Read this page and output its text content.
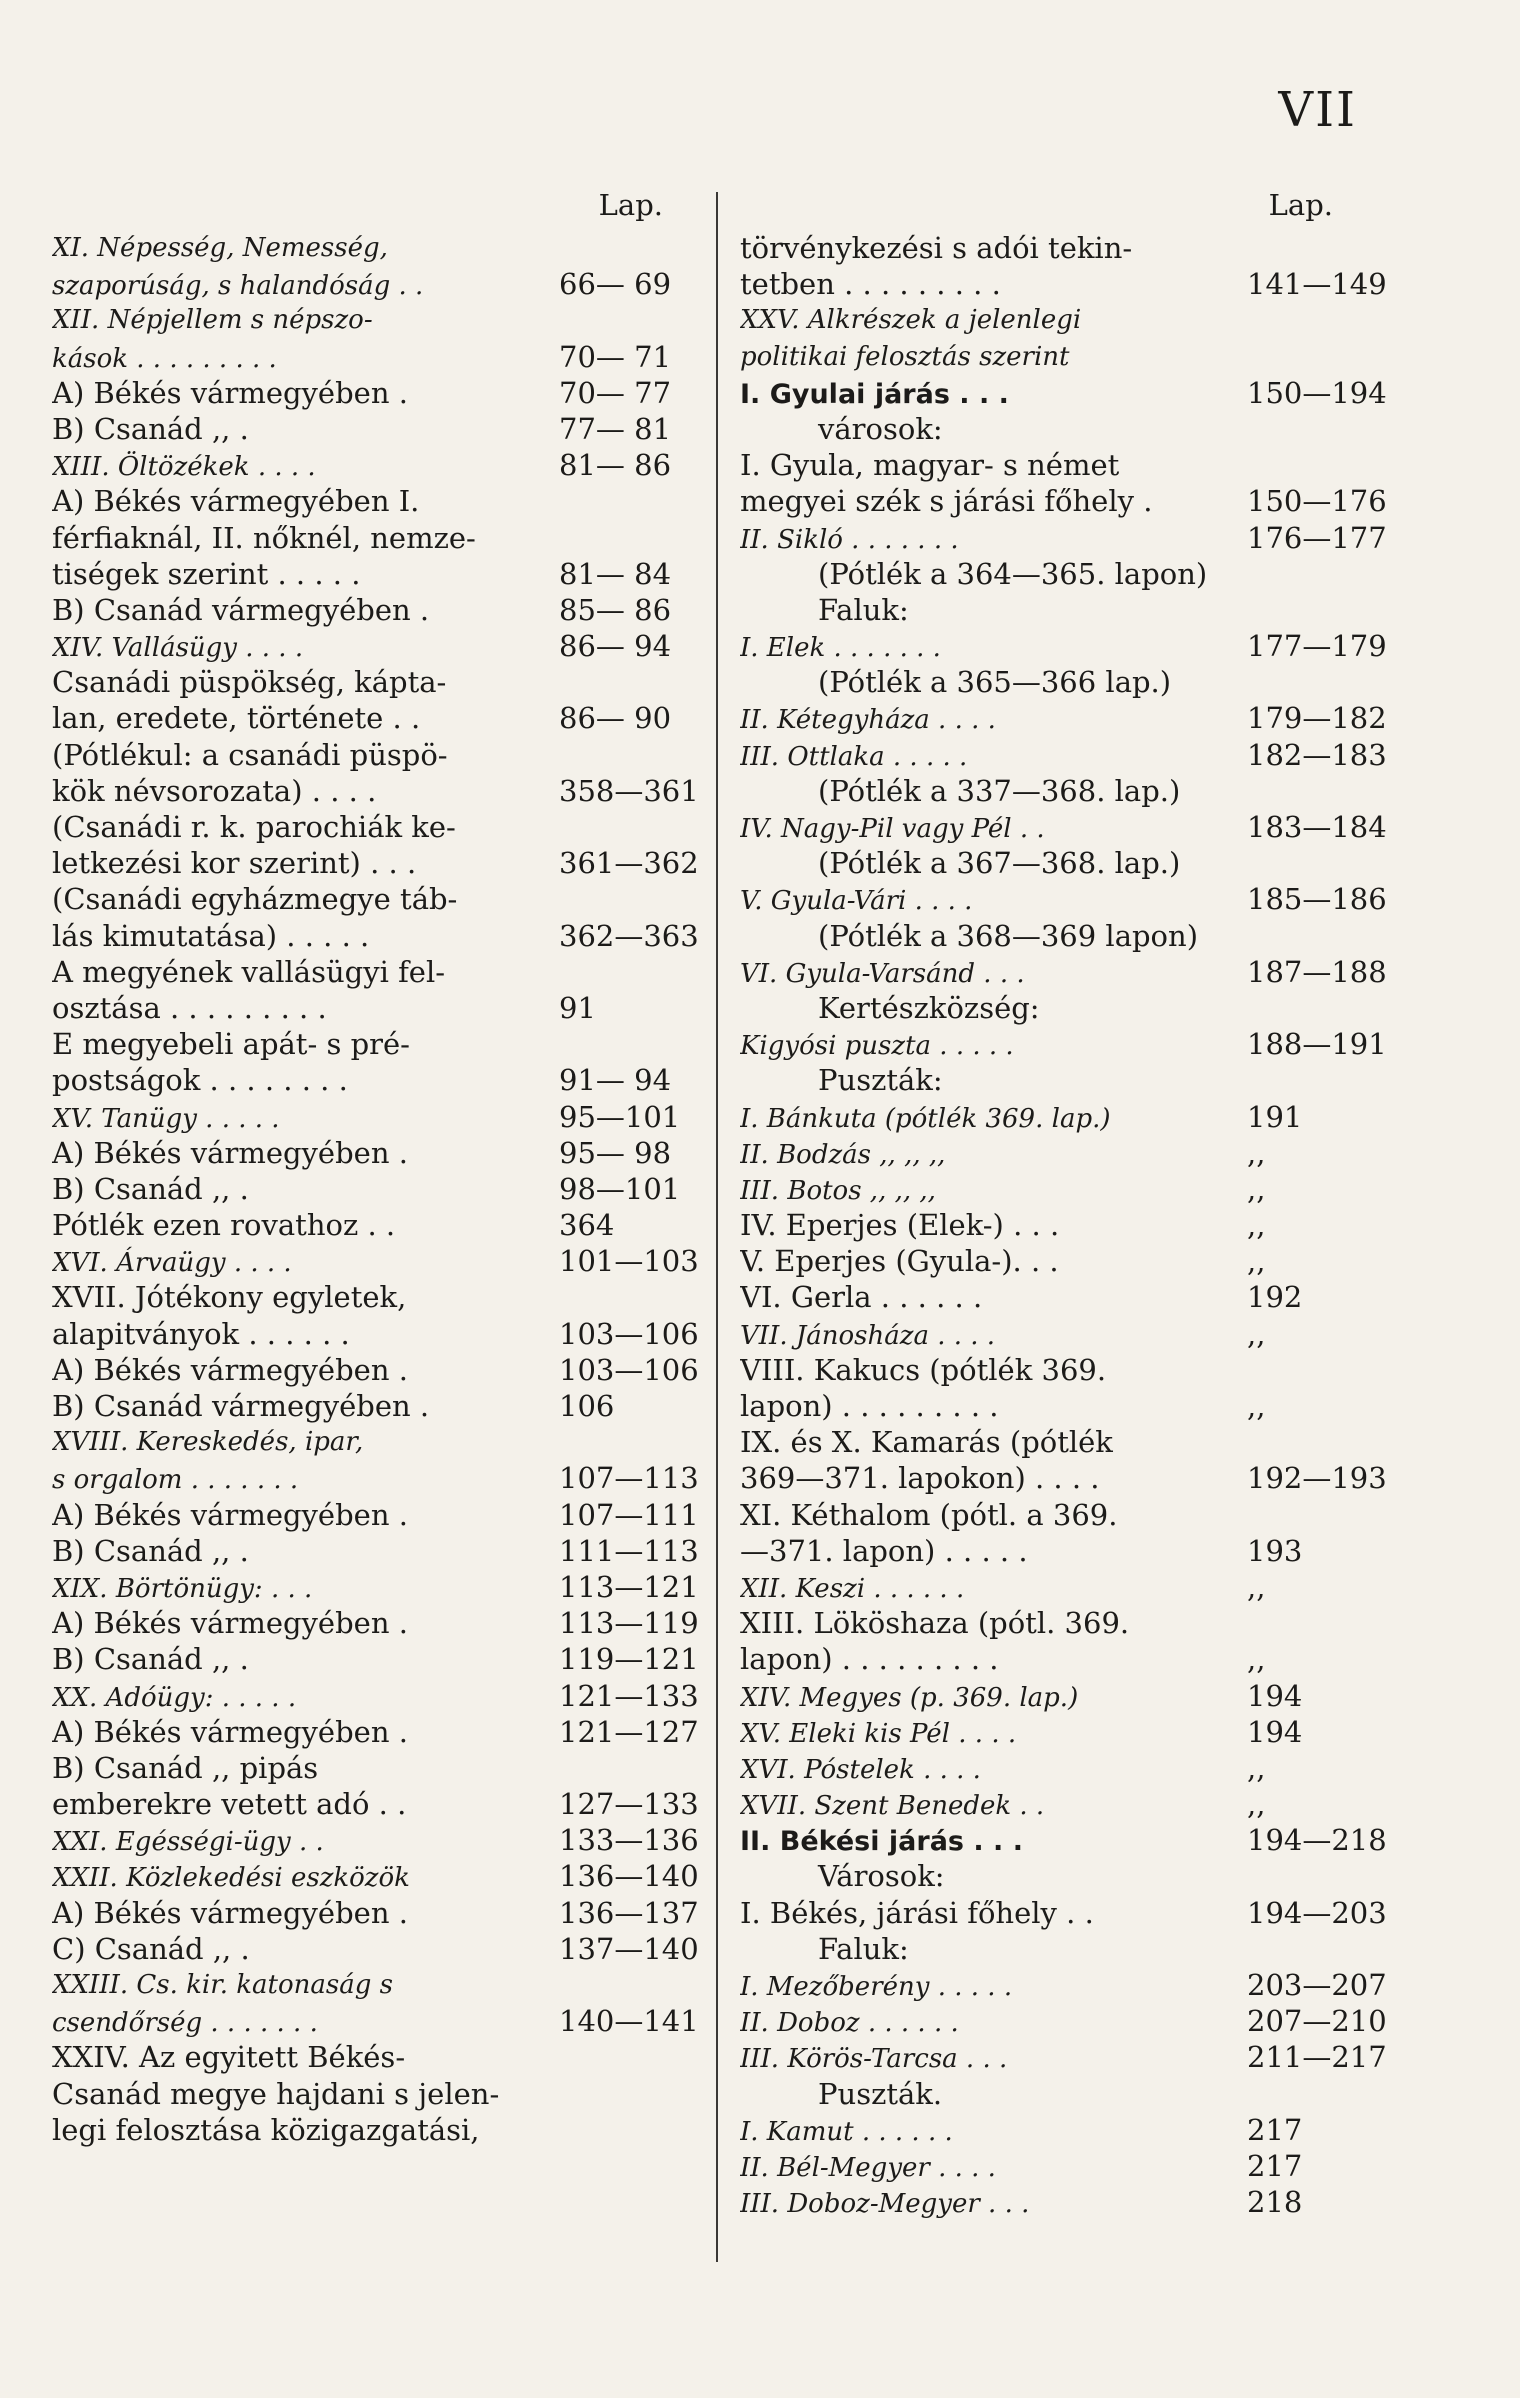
VII
Lap.
XI. Népesség, Nemesség,
szaporúság, s halandóság . .	66— 69
XII. Népjellem s népszo-
kások . . . . . . . . .	70— 71
A) Békés vármegyében .	70— 77
B) Csanád ,, .	77— 81
XIII. Öltözékek . . . .	81— 86
A) Békés vármegyében I.
férfiaknál, II. nőknél, nemze-
tiségek szerint . . . . .	81— 84
B) Csanád vármegyében .	85— 86
XIV. Vallásügy . . . .	86— 94
Csanádi püspökség, kápta-
lan, eredete, története . .	86— 90
(Pótlékul: a csanádi püspö-
kök névsorozata) . . . .	358—361
(Csanádi r. k. parochiák ke-
letkezési kor szerint) . . .	361—362
(Csanádi egyházmegye táb-
lás kimutatása) . . . . .	362—363
A megyének vallásügyi fel-
osztása . . . . . . . . .	91
E megyebeli apát- s pré-
postságok . . . . . . . .	91— 94
XV. Tanügy . . . . .	95—101
A) Békés vármegyében .	95— 98
B) Csanád ,, .	98—101
Pótlék ezen rovathoz . .	364
XVI. Árvaügy . . . .	101—103
XVII. Jótékony egyletek,
alapitványok . . . . . .	103—106
A) Békés vármegyében .	103—106
B) Csanád vármegyében .	106
XVIII. Kereskedés, ipar,
s orgalom . . . . . . .	107—113
A) Békés vármegyében .	107—111
B) Csanád ,, .	111—113
XIX. Börtönügy: . . .	113—121
A) Békés vármegyében .	113—119
B) Csanád ,, .	119—121
XX. Adóügy: . . . . .	121—133
A) Békés vármegyében .	121—127
B) Csanád ,, pipás
emberekre vetett adó . .	127—133
XXI. Egésségi-ügy . .	133—136
XXII. Közlekedési eszközök	136—140
A) Békés vármegyében .	136—137
C) Csanád ,, .	137—140
XXIII. Cs. kir. katonaság s
csendőrség . . . . . . .	140—141
XXIV. Az egyitett Békés-
Csanád megye hajdani s jelen-
legi felosztása közigazgatási,
Lap.
törvénykezési s adói tekin-
tetben . . . . . . . . .	141—149
XXV. Alkrészek a jelenlegi
politikai felosztás szerint
I. Gyulai járás . . .	150—194
városok:
I. Gyula, magyar- s német
megyei szék s járási főhely .	150—176
II. Sikló . . . . . . .	176—177
(Pótlék a 364—365. lapon)
Faluk:
I. Elek . . . . . . .	177—179
(Pótlék a 365—366 lap.)
II. Kétegyháza . . . .	179—182
III. Ottlaka . . . . .	182—183
(Pótlék a 337—368. lap.)
IV. Nagy-Pil vagy Pél . .	183—184
(Pótlék a 367—368. lap.)
V. Gyula-Vári . . . .	185—186
(Pótlék a 368—369 lapon)
VI. Gyula-Varsánd . . .	187—188
Kertészközség:
Kigyósi puszta . . . . .	188—191
Puszták:
I. Bánkuta (pótlék 369. lap.)	191
II. Bodzás ,, ,, ,,	,,
III. Botos ,, ,, ,,	,,
IV. Eperjes (Elek-) . . .	,,
V. Eperjes (Gyula-). . .	,,
VI. Gerla . . . . . .	192
VII. Jánosháza . . . .	,,
VIII. Kakucs (pótlék 369.
lapon) . . . . . . . . .	,,
IX. és X. Kamarás (pótlék
369—371. lapokon) . . . .	192—193
XI. Kéthalom (pótl. a 369.
—371. lapon) . . . . .	193
XII. Keszi . . . . . .	,,
XIII. Lököshaza (pótl. 369.
lapon) . . . . . . . . .	,,
XIV. Megyes (p. 369. lap.)	194
XV. Eleki kis Pél . . . .	194
XVI. Póstelek . . . .	,,
XVII. Szent Benedek . .	,,
II. Békési járás . . .	194—218
Városok:
I. Békés, járási főhely . .	194—203
Faluk:
I. Mezőberény . . . . .	203—207
II. Doboz . . . . . .	207—210
III. Körös-Tarcsa . . .	211—217
Puszták.
I. Kamut . . . . . .	217
II. Bél-Megyer . . . .	217
III. Doboz-Megyer . . .	218
